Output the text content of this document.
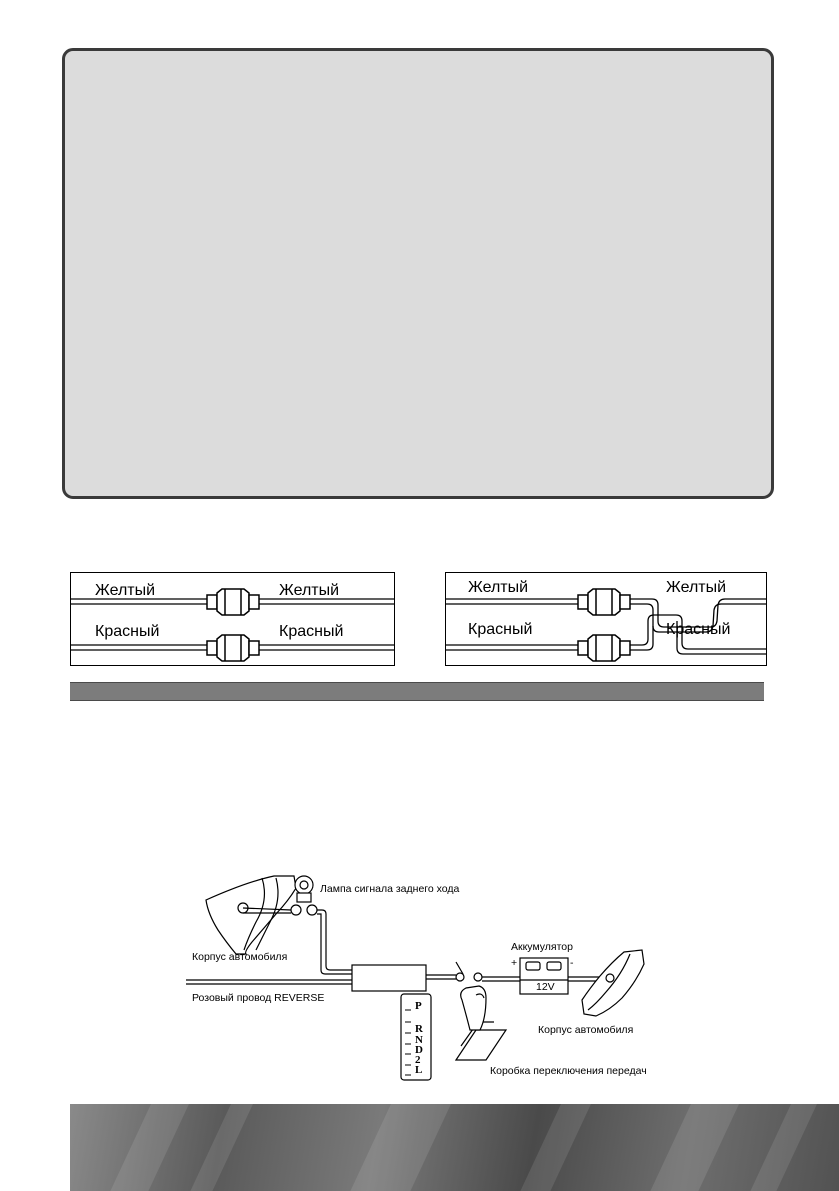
Желтый	Желтый
Красный	Красный
Желтый	Желтый
Красный	Красный
P
R
N
D
2
L
Лампа сигнала заднего хода
Корпус автомобиля
Розовый провод REVERSE
Аккумулятор
+	-
12V
Корпус автомобиля
Коробка переключения передач
